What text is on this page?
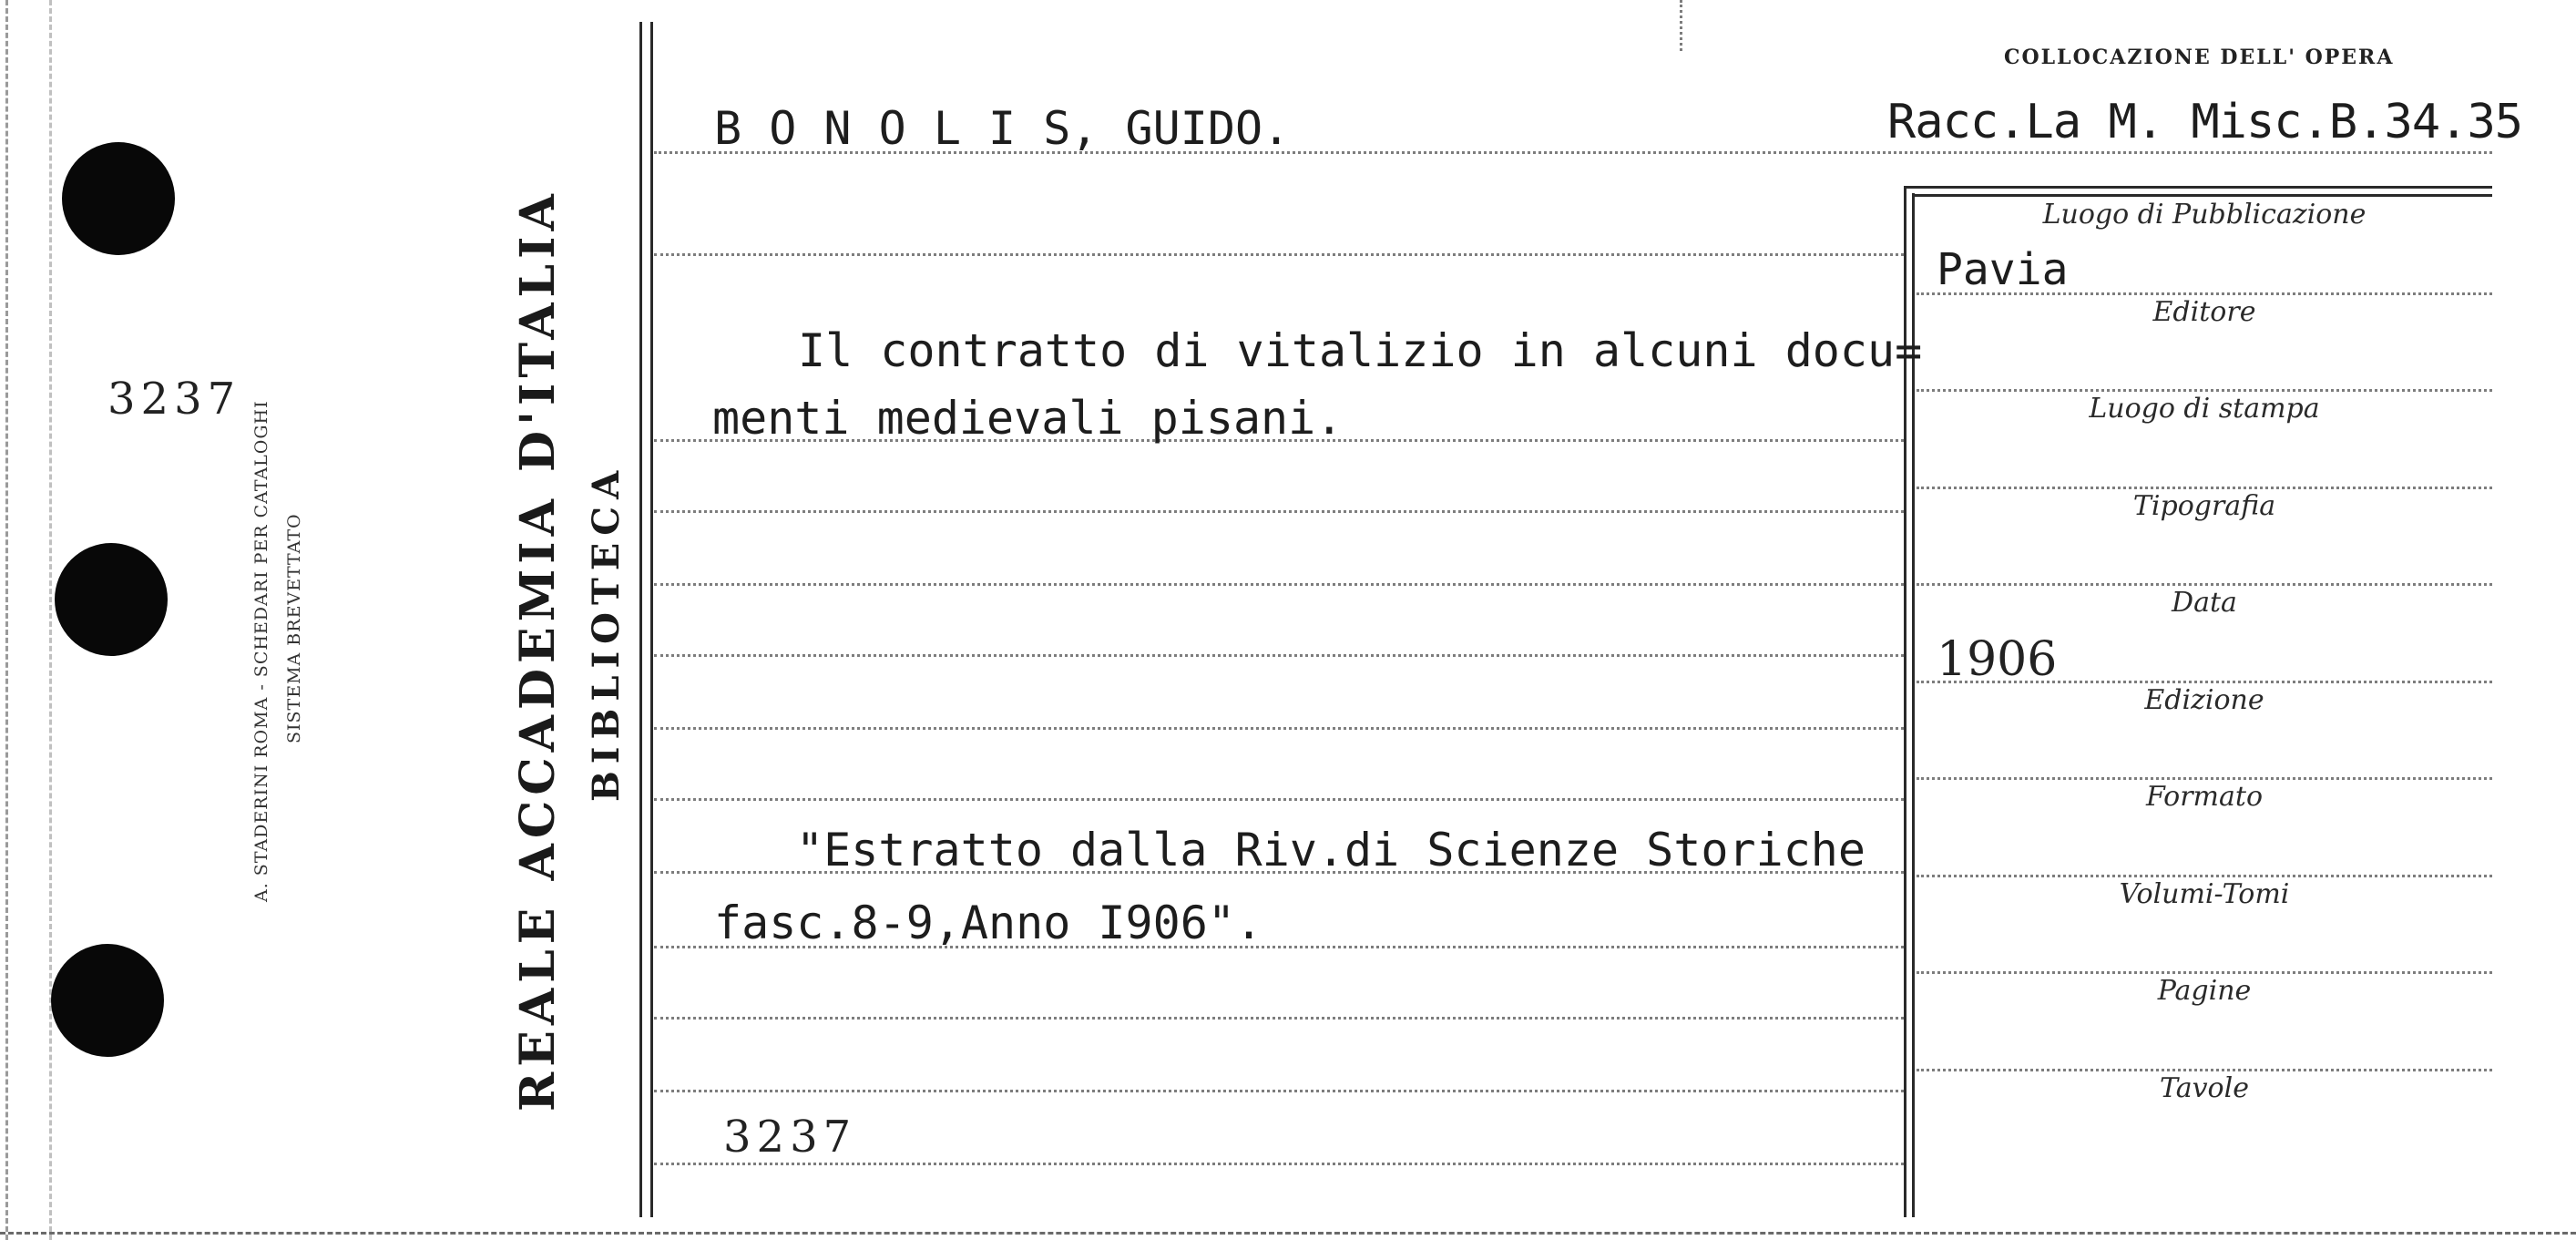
3237
A. STADERINI ROMA - SCHEDARI PER CATALOGHI SISTEMA BREVETTATO	REALE ACCADEMIA D'ITALIA BIBLIOTECA
COLLOCAZIONE DELL' OPERA
Racc.La M. Misc.B.34.35
B O N O L I S, GUIDO.
Il contratto di vitalizio in alcuni docu=
menti medievali pisani.
"Estratto dalla Riv.di Scienze Storiche
fasc.8-9,Anno I906".
3237
Luogo di Pubblicazione
Pavia
Editore
Luogo di stampa
Tipografia
Data
1906
Edizione
Formato
Volumi-Tomi
Pagine
Tavole
